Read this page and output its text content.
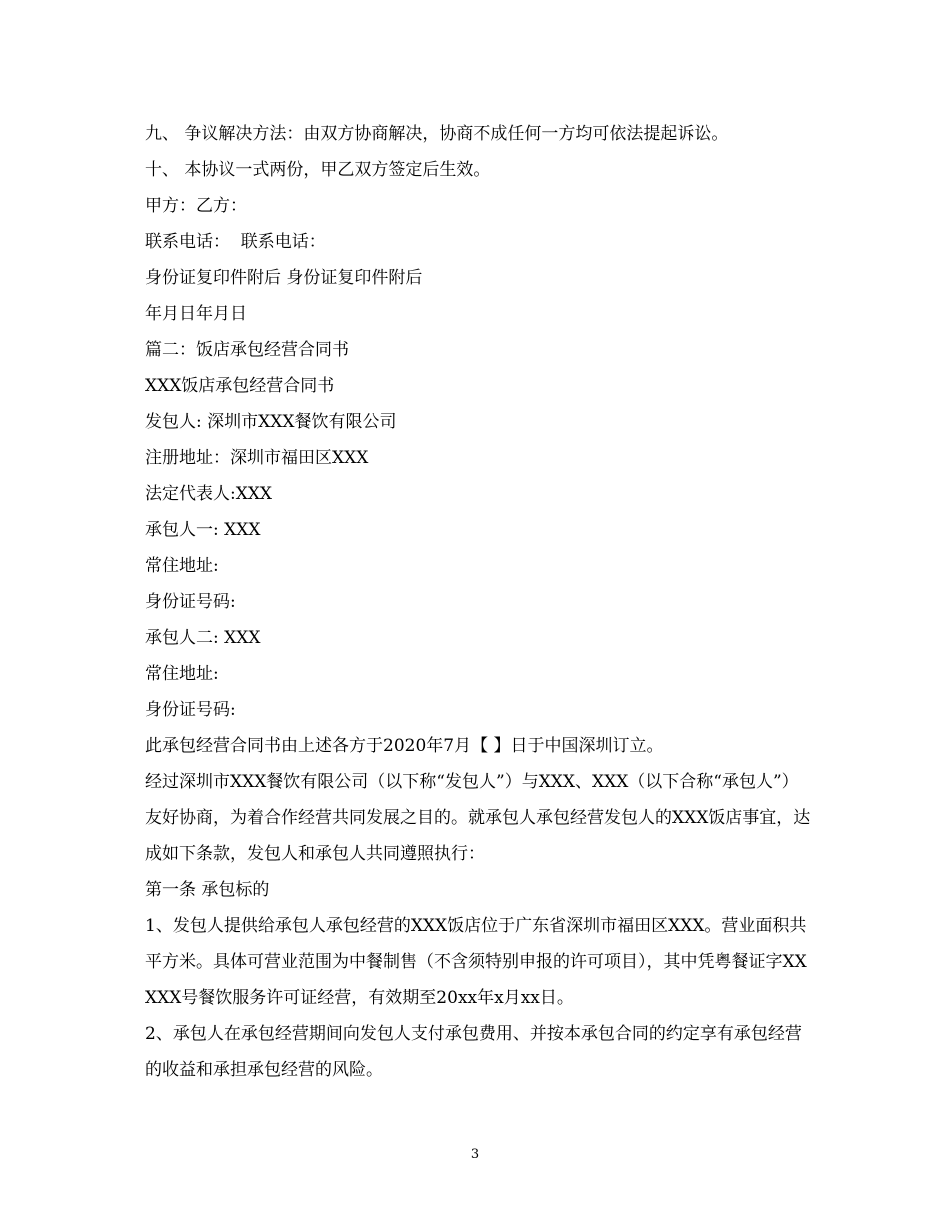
九、 争议解决方法：由双方协商解决，协商不成任何一方均可依法提起诉讼。

十、 本协议一式两份，甲乙双方签定后生效。

甲方：乙方：

联系电话：  联系电话：

身份证复印件附后 身份证复印件附后

年月日年月日

篇二：饭店承包经营合同书

XXX饭店承包经营合同书

发包人: 深圳市XXX餐饮有限公司

注册地址：深圳市福田区XXX

法定代表人:XXX

承包人一: XXX

常住地址:

身份证号码:

承包人二: XXX

常住地址:

身份证号码:

此承包经营合同书由上述各方于2020年7月【 】日于中国深圳订立。

经过深圳市XXX餐饮有限公司（以下称“发包人”）与XXX、XXX（以下合称“承包人”）友好协商，为着合作经营共同发展之目的。就承包人承包经营发包人的XXX饭店事宜，达成如下条款，发包人和承包人共同遵照执行：

第一条 承包标的

1、发包人提供给承包人承包经营的XXX饭店位于广东省深圳市福田区XXX。营业面积共 平方米。具体可营业范围为中餐制售（不含须特别申报的许可项目），其中凭粤餐证字XXXXX号餐饮服务许可证经营，有效期至20xx年x月xx日。

2、承包人在承包经营期间向发包人支付承包费用、并按本承包合同的约定享有承包经营的收益和承担承包经营的风险。

3
